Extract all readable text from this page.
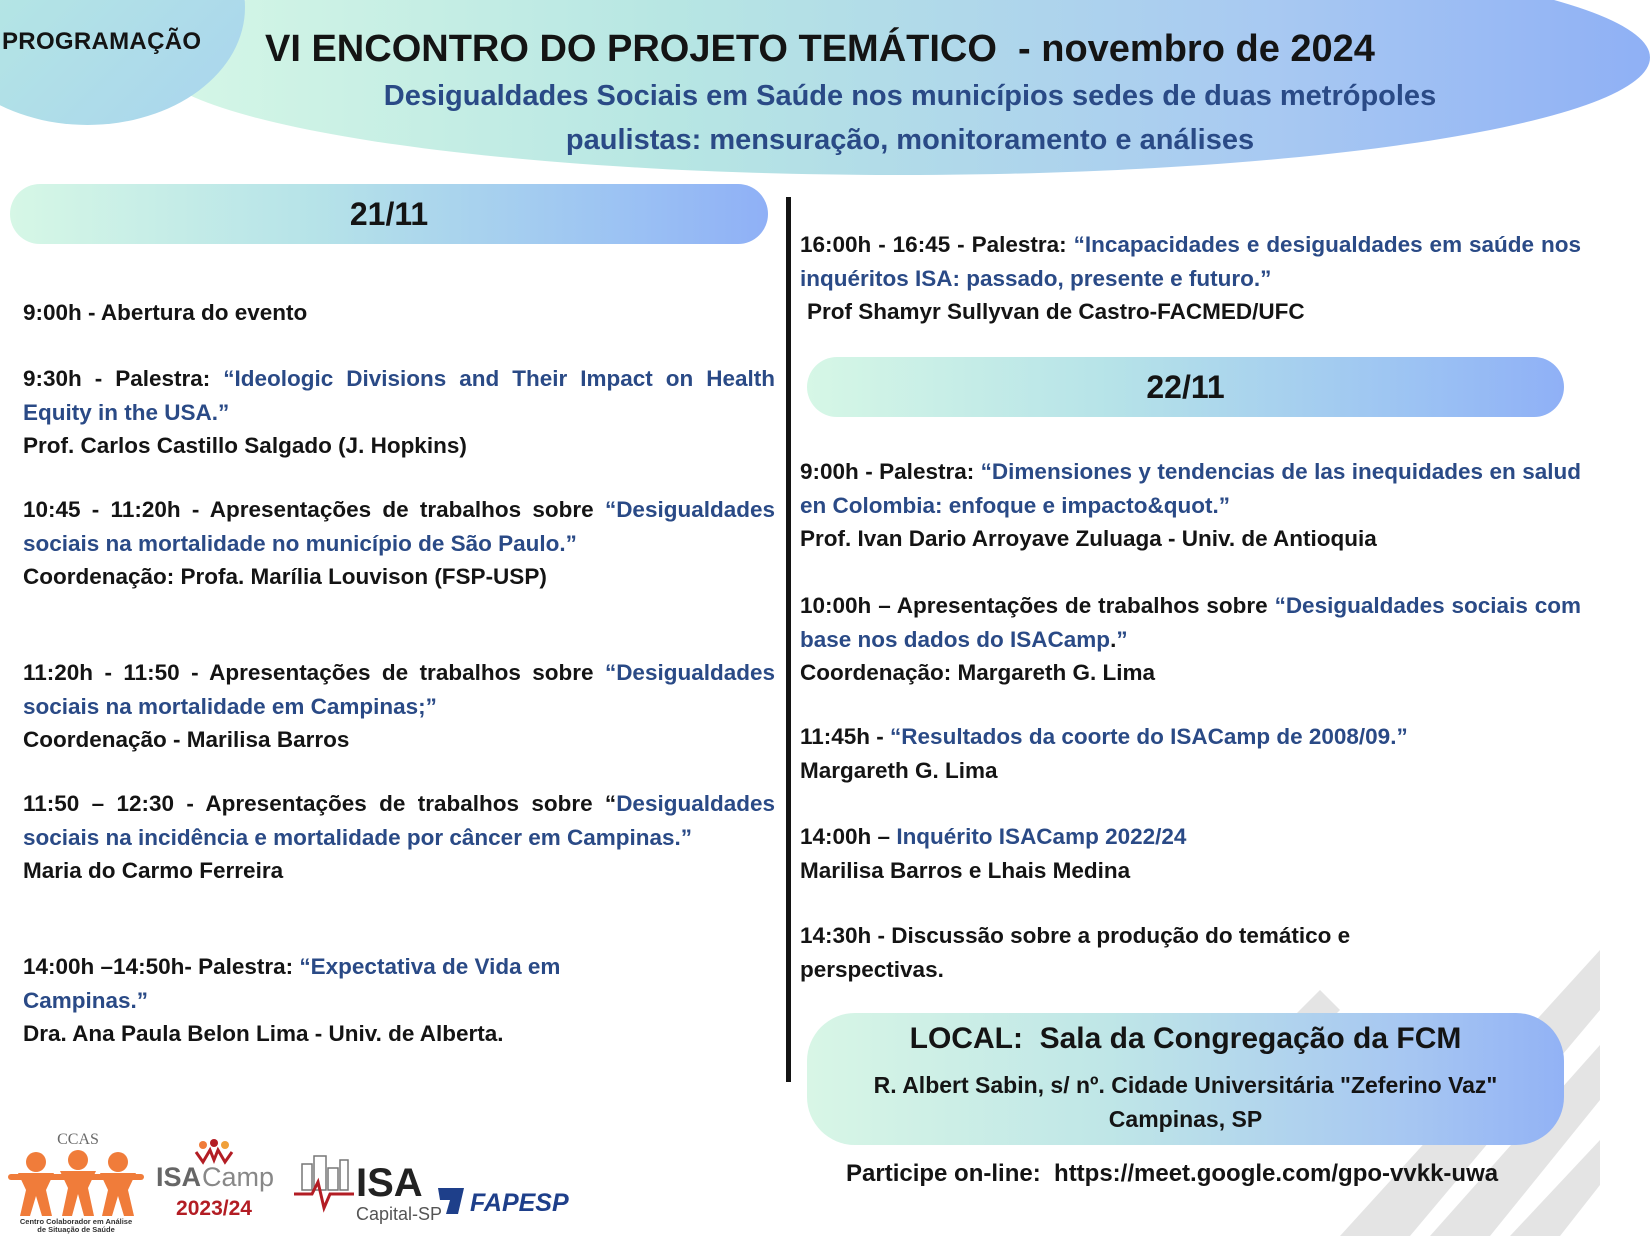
PROGRAMAÇÃO VI ENCONTRO DO PROJETO TEMÁTICO  - novembro de 2024
Desigualdades Sociais em Saúde nos municípios sedes de duas metrópoles
paulistas: mensuração, monitoramento e análises
21/11
9:00h - Abertura do evento
9:30h - Palestra: “Ideologic Divisions and Their Impact on Health Equity in the USA.”
Prof. Carlos Castillo Salgado (J. Hopkins)
10:45 - 11:20h - Apresentações de trabalhos sobre “Desigualdades sociais na mortalidade no município de São Paulo.”
Coordenação: Profa. Marília Louvison (FSP-USP)
11:20h - 11:50 - Apresentações de trabalhos sobre “Desigualdades sociais na mortalidade em Campinas;”
Coordenação - Marilisa Barros
11:50 – 12:30 - Apresentações de trabalhos sobre “Desigualdades sociais na incidência e mortalidade por câncer em Campinas.”
Maria do Carmo Ferreira
14:00h –14:50h- Palestra: “Expectativa de Vida em Campinas.”
Dra. Ana Paula Belon Lima - Univ. de Alberta.
16:00h - 16:45 - Palestra: “Incapacidades e desigualdades em saúde nos inquéritos ISA: passado, presente e futuro.”
Prof Shamyr Sullyvan de Castro-FACMED/UFC
22/11
9:00h - Palestra: “Dimensiones y tendencias de las inequidades en salud en Colombia: enfoque e impacto&quot.”
Prof. Ivan Dario Arroyave Zuluaga - Univ. de Antioquia
10:00h – Apresentações de trabalhos sobre “Desigualdades sociais com base nos dados do ISACamp.”
Coordenação: Margareth G. Lima
11:45h - “Resultados da coorte do ISACamp de 2008/09.”
Margareth G. Lima
14:00h – Inquérito ISACamp 2022/24
Marilisa Barros e Lhais Medina
14:30h - Discussão sobre a produção do temático e perspectivas.
LOCAL: Sala da Congregação da FCM
R. Albert Sabin, s/ nº. Cidade Universitária "Zeferino Vaz"
Campinas, SP
Participe on-line:  https://meet.google.com/gpo-vvkk-uwa
CCAS
Centro Colaborador em Análise
de Situação de Saúde
ISA Camp
2023/24
ISA
Capital-SP FAPESP
